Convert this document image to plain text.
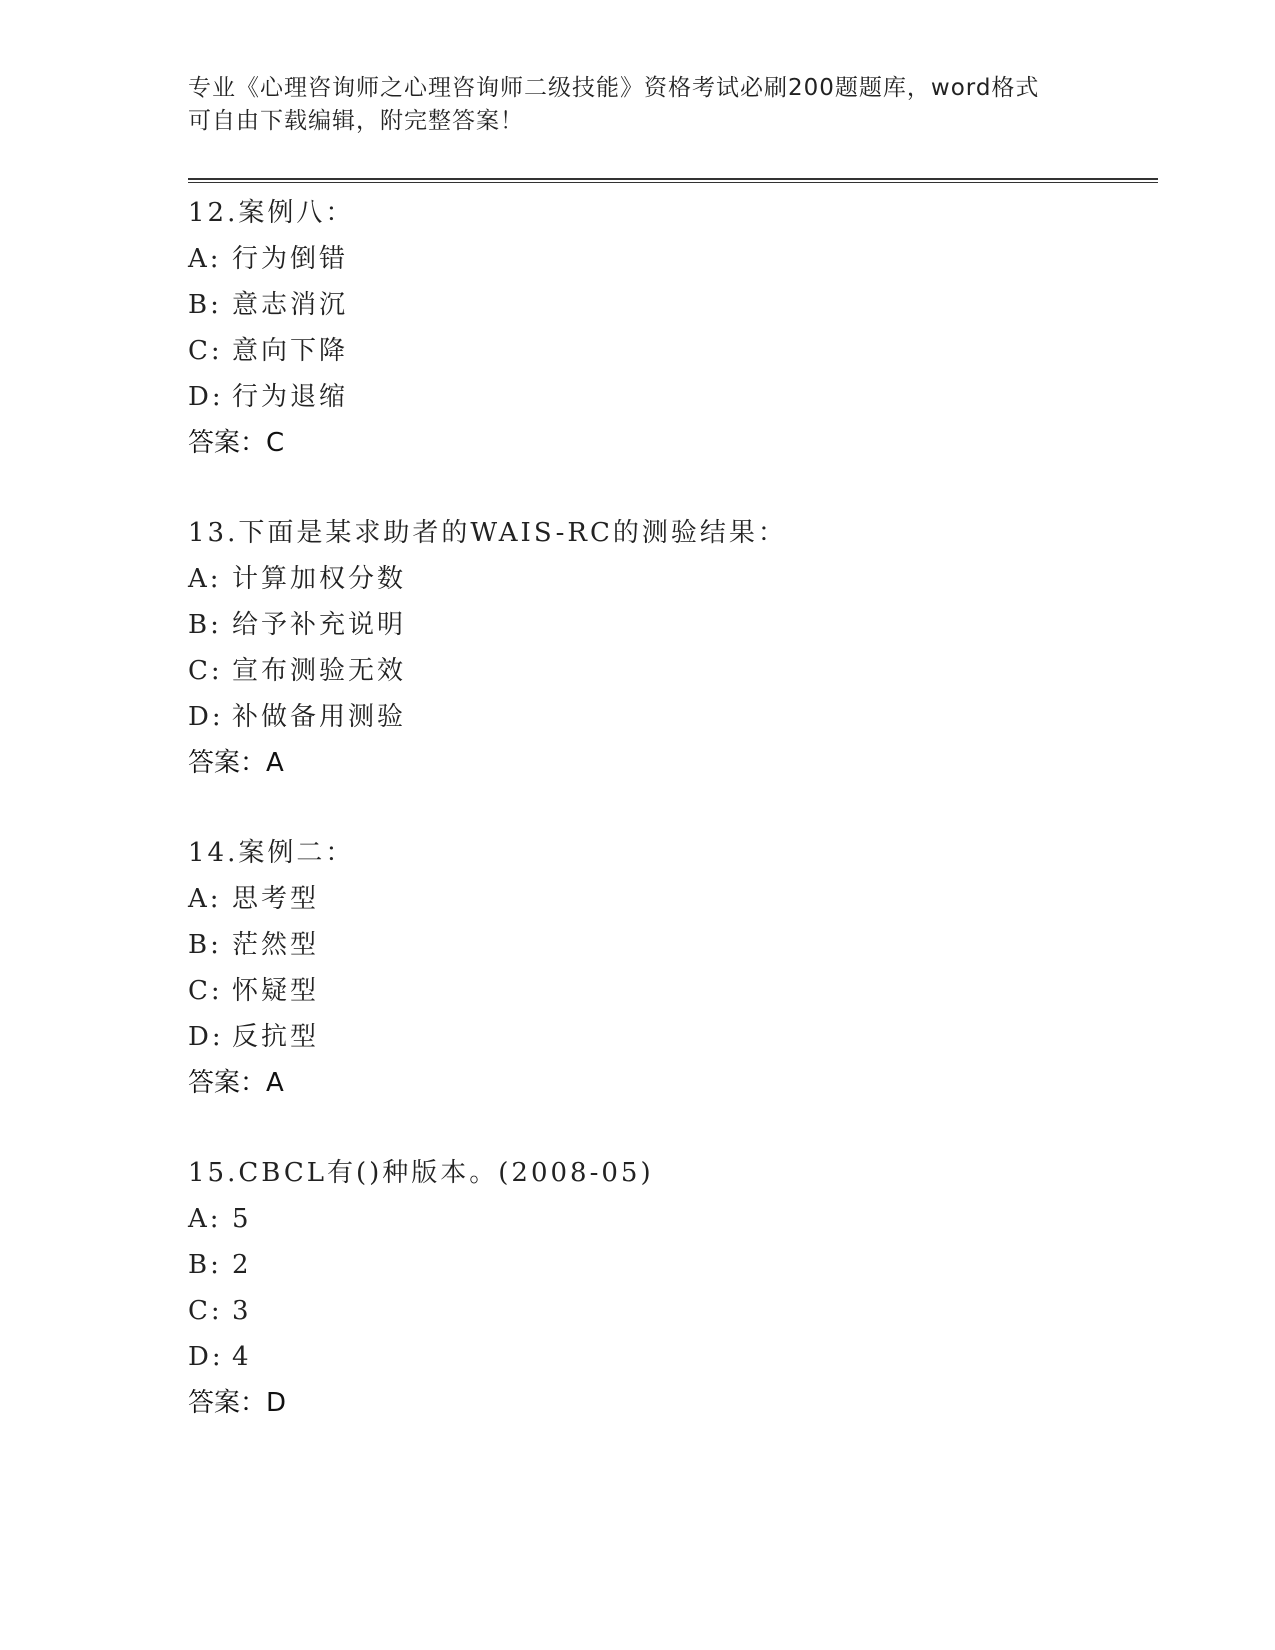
专业《心理咨询师之心理咨询师二级技能》资格考试必刷200题题库，word格式
可自由下载编辑，附完整答案！
12.案例八：
A: 行为倒错
B: 意志消沉
C: 意向下降
D: 行为退缩
答案：C
13.下面是某求助者的WAIS-RC的测验结果：
A: 计算加权分数
B: 给予补充说明
C: 宣布测验无效
D: 补做备用测验
答案：A
14.案例二：
A: 思考型
B: 茫然型
C: 怀疑型
D: 反抗型
答案：A
15.CBCL有()种版本。(2008-05)
A: 5
B: 2
C: 3
D: 4
答案：D
